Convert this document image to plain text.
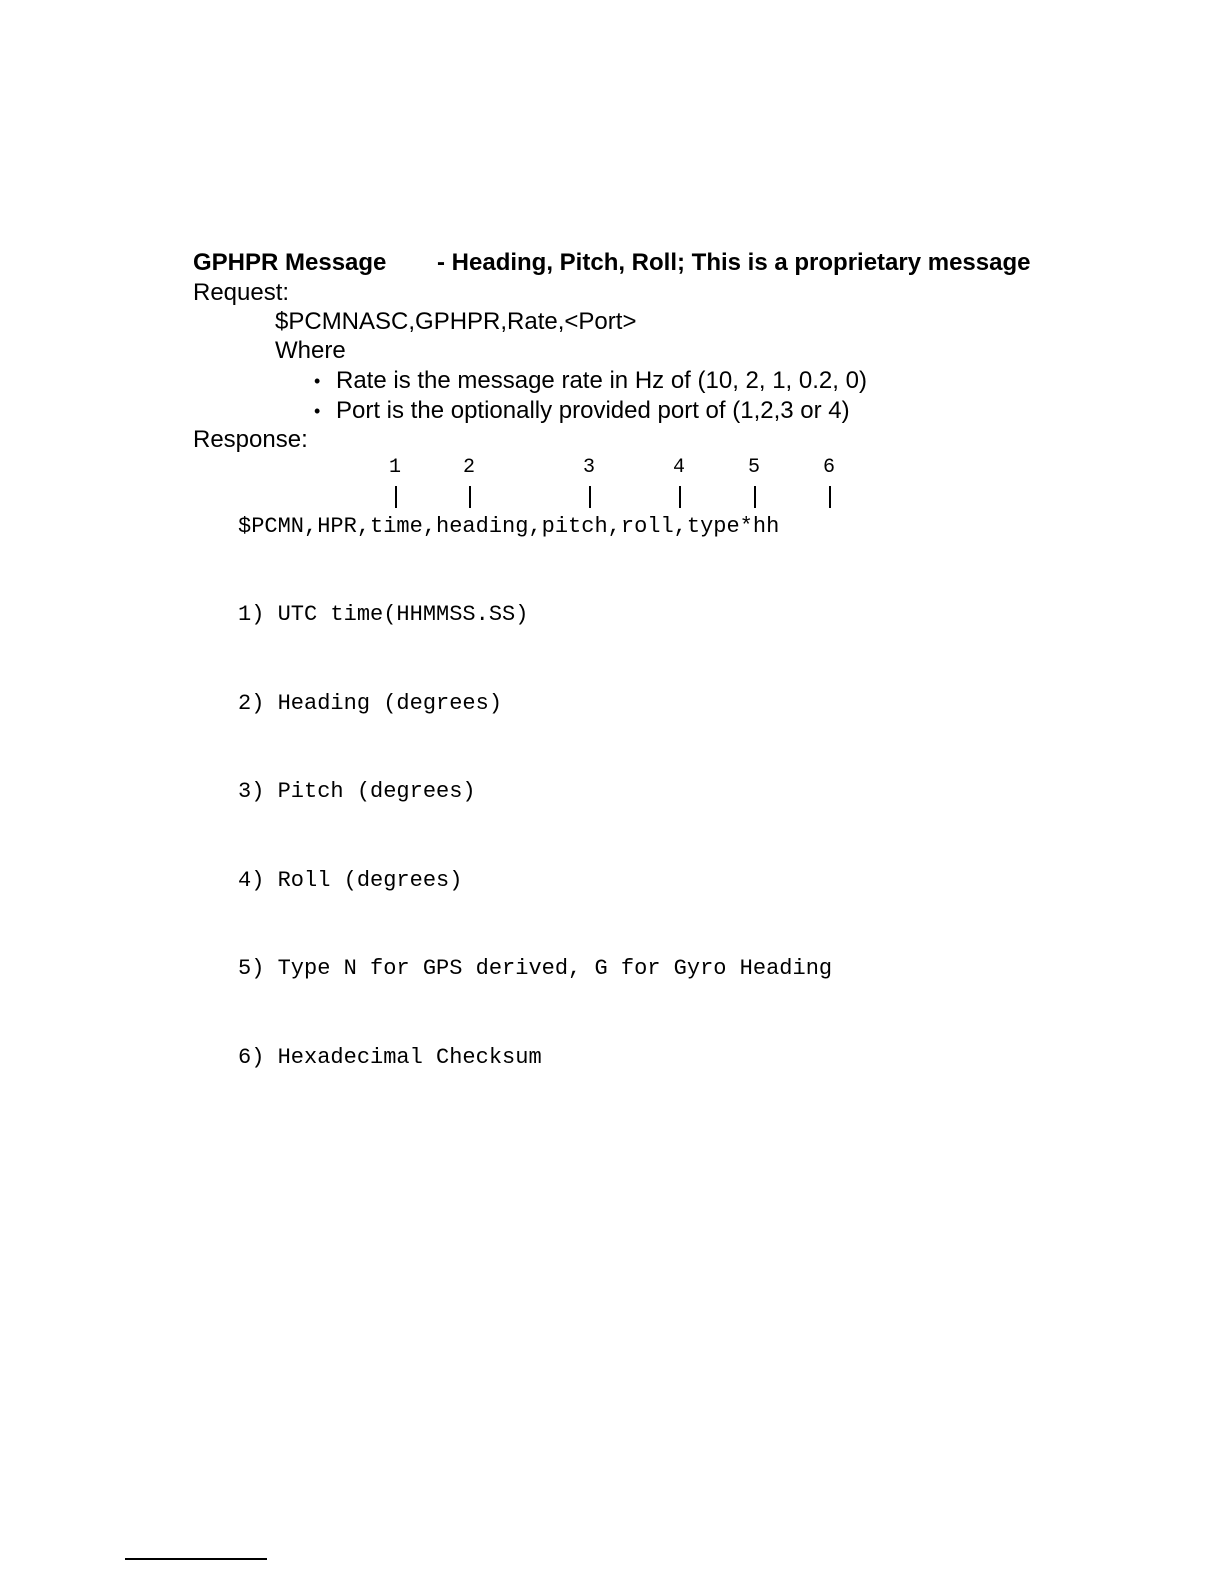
GPHPR Message - Heading, Pitch, Roll; This is a proprietary message
Request:
$PCMNASC,GPHPR,Rate,<Port>
Where
• Rate is the message rate in Hz of (10, 2, 1, 0.2, 0)
• Port is the optionally provided port of (1,2,3 or 4)
Response:
1	2	3	4	5	6
$PCMN,HPR,time,heading,pitch,roll,type*hh

1) UTC time(HHMMSS.SS)

2) Heading (degrees)

3) Pitch (degrees)

4) Roll (degrees)

5) Type N for GPS derived, G for Gyro Heading

6) Hexadecimal Checksum
